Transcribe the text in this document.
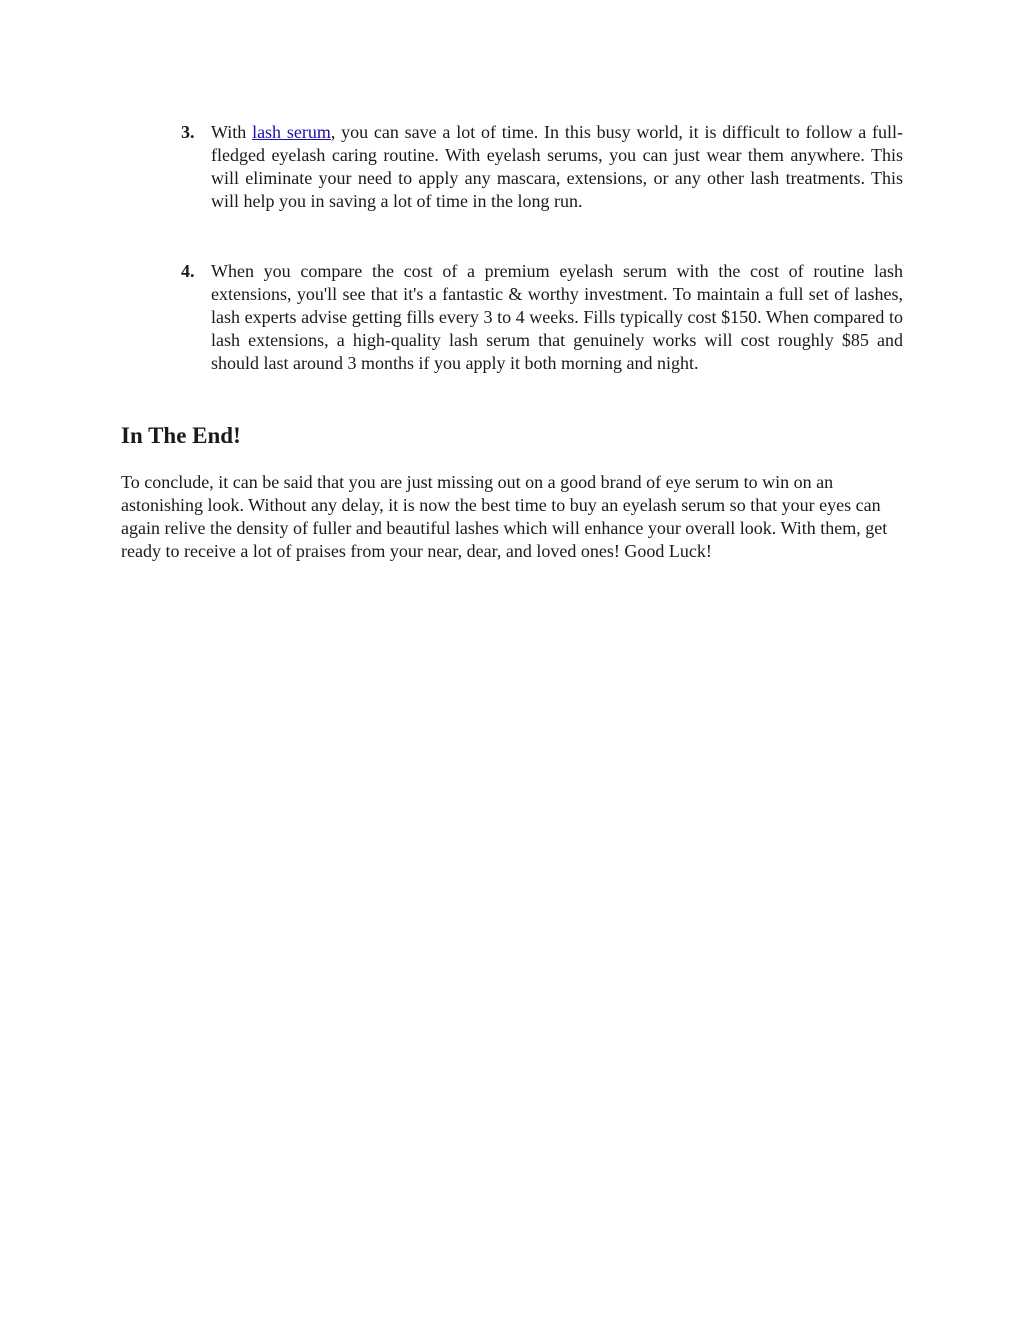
3. With lash serum, you can save a lot of time. In this busy world, it is difficult to follow a full-fledged eyelash caring routine. With eyelash serums, you can just wear them anywhere. This will eliminate your need to apply any mascara, extensions, or any other lash treatments. This will help you in saving a lot of time in the long run.
4. When you compare the cost of a premium eyelash serum with the cost of routine lash extensions, you'll see that it's a fantastic & worthy investment. To maintain a full set of lashes, lash experts advise getting fills every 3 to 4 weeks. Fills typically cost $150. When compared to lash extensions, a high-quality lash serum that genuinely works will cost roughly $85 and should last around 3 months if you apply it both morning and night.
In The End!

To conclude, it can be said that you are just missing out on a good brand of eye serum to win on an astonishing look. Without any delay, it is now the best time to buy an eyelash serum so that your eyes can again relive the density of fuller and beautiful lashes which will enhance your overall look. With them, get ready to receive a lot of praises from your near, dear, and loved ones! Good Luck!
